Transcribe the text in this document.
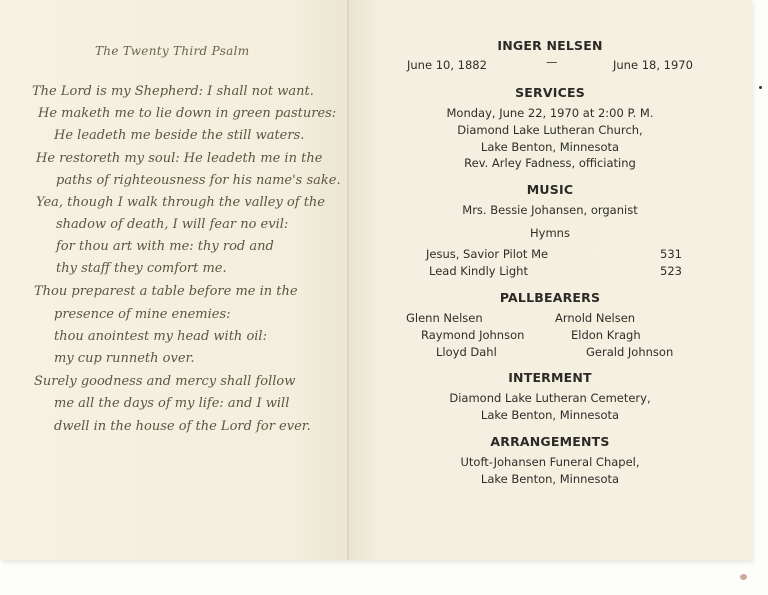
The Twenty Third Psalm
The Lord is my Shepherd: I shall not want.
He maketh me to lie down in green pastures:
He leadeth me beside the still waters.
He restoreth my soul: He leadeth me in the
paths of righteousness for his name's sake.
Yea, though I walk through the valley of the
shadow of death, I will fear no evil:
for thou art with me: thy rod and
thy staff they comfort me.
Thou preparest a table before me in the
presence of mine enemies:
thou anointest my head with oil:
my cup runneth over.
Surely goodness and mercy shall follow
me all the days of my life: and I will
dwell in the house of the Lord for ever.
INGER NELSEN
June 10, 1882	—	June 18, 1970
SERVICES
Monday, June 22, 1970 at 2:00 P. M.
Diamond Lake Lutheran Church,
Lake Benton, Minnesota
Rev. Arley Fadness, officiating
MUSIC
Mrs. Bessie Johansen, organist
Hymns
Jesus, Savior Pilot Me	531
Lead Kindly Light	523
PALLBEARERS
Glenn Nelsen	Arnold Nelsen
Raymond Johnson	Eldon Kragh
Lloyd Dahl	Gerald Johnson
INTERMENT
Diamond Lake Lutheran Cemetery,
Lake Benton, Minnesota
ARRANGEMENTS
Utoft-Johansen Funeral Chapel,
Lake Benton, Minnesota
